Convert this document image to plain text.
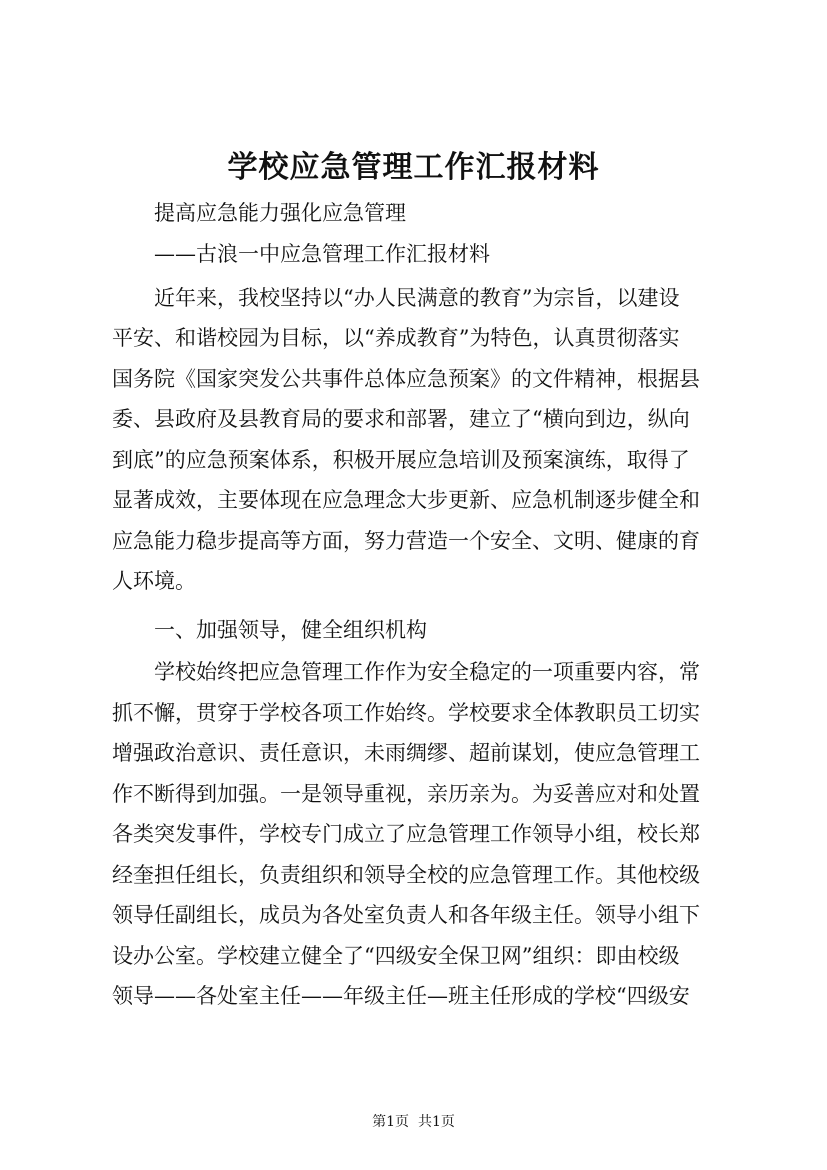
学校应急管理工作汇报材料
提高应急能力强化应急管理
——古浪一中应急管理工作汇报材料
近年来，我校坚持以“办人民满意的教育”为宗旨，以建设
平安、和谐校园为目标，以“养成教育”为特色，认真贯彻落实
国务院《国家突发公共事件总体应急预案》的文件精神，根据县
委、县政府及县教育局的要求和部署，建立了“横向到边，纵向
到底”的应急预案体系，积极开展应急培训及预案演练，取得了
显著成效，主要体现在应急理念大步更新、应急机制逐步健全和
应急能力稳步提高等方面，努力营造一个安全、文明、健康的育
人环境。
一、加强领导，健全组织机构
学校始终把应急管理工作作为安全稳定的一项重要内容，常
抓不懈，贯穿于学校各项工作始终。学校要求全体教职员工切实
增强政治意识、责任意识，未雨绸缪、超前谋划，使应急管理工
作不断得到加强。一是领导重视，亲历亲为。为妥善应对和处置
各类突发事件，学校专门成立了应急管理工作领导小组，校长郑
经奎担任组长，负责组织和领导全校的应急管理工作。其他校级
领导任副组长，成员为各处室负责人和各年级主任。领导小组下
设办公室。学校建立健全了“四级安全保卫网”组织：即由校级
领导——各处室主任——年级主任—班主任形成的学校“四级安
第1页  共1页
